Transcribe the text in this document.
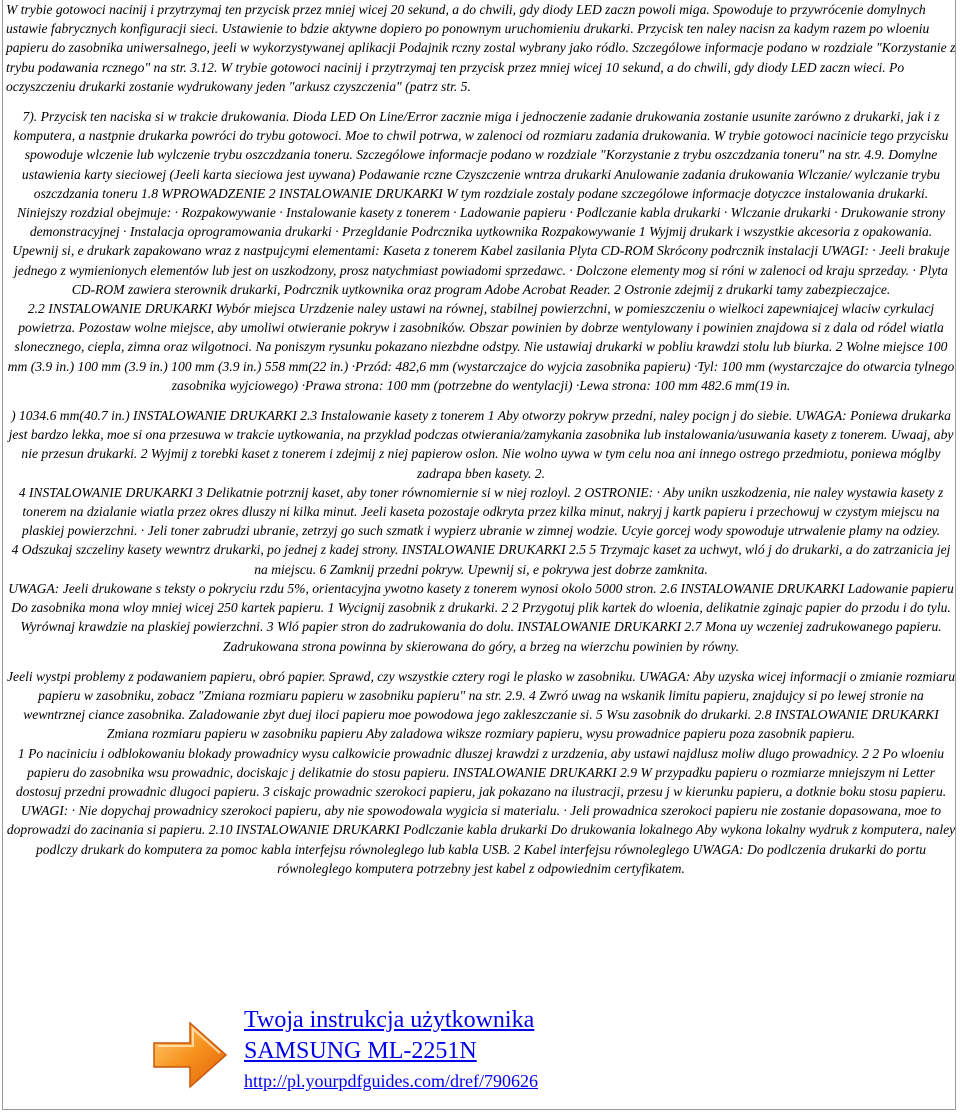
W trybie gotowoci nacinij i przytrzymaj ten przycisk przez mniej wicej 20 sekund, a do chwili, gdy diody LED zaczn powoli miga. Spowoduje to przywrócenie domylnych ustawie fabrycznych konfiguracji sieci. Ustawienie to bdzie aktywne dopiero po ponownym uruchomieniu drukarki. Przycisk ten naley nacisn za kadym razem po wloeniu papieru do zasobnika uniwersalnego, jeeli w wykorzystywanej aplikacji Podajnik rczny zostal wybrany jako ródlo. Szczególowe informacje podano w rozdziale "Korzystanie z trybu podawania rcznego" na str. 3.12. W trybie gotowoci nacinij i przytrzymaj ten przycisk przez mniej wicej 10 sekund, a do chwili, gdy diody LED zaczn wieci. Po oczyszczeniu drukarki zostanie wydrukowany jeden "arkusz czyszczenia" (patrz str. 5.

7). Przycisk ten naciska si w trakcie drukowania. Dioda LED On Line/Error zacznie miga i jednoczenie zadanie drukowania zostanie usunite zarówno z drukarki, jak i z komputera, a nastpnie drukarka powróci do trybu gotowoci. Moe to chwil potrwa, w zalenoci od rozmiaru zadania drukowania. W trybie gotowoci nacinicie tego przycisku spowoduje wlczenie lub wylczenie trybu oszczdzania toneru. Szczególowe informacje podano w rozdziale "Korzystanie z trybu oszczdzania toneru" na str. 4.9. Domylne ustawienia karty sieciowej (Jeeli karta sieciowa jest uywana) Podawanie rczne Czyszczenie wntrza drukarki Anulowanie zadania drukowania Wlczanie/ wylczanie trybu oszczdzania toneru 1.8 WPROWADZENIE 2 INSTALOWANIE DRUKARKI W tym rozdziale zostaly podane szczególowe informacje dotyczce instalowania drukarki.

Niniejszy rozdzial obejmuje: · Rozpakowywanie · Instalowanie kasety z tonerem · Ladowanie papieru · Podlczanie kabla drukarki · Wlczanie drukarki · Drukowanie strony demonstracyjnej · Instalacja oprogramowania drukarki · Przegldanie Podrcznika uytkownika Rozpakowywanie 1 Wyjmij drukark i wszystkie akcesoria z opakowania. Upewnij si, e drukark zapakowano wraz z nastpujcymi elementami: Kaseta z tonerem Kabel zasilania Plyta CD-ROM Skrócony podrcznik instalacji UWAGI: · Jeeli brakuje jednego z wymienionych elementów lub jest on uszkodzony, prosz natychmiast powiadomi sprzedawc. · Dolczone elementy mog si róni w zalenoci od kraju sprzeday. · Plyta CD-ROM zawiera sterownik drukarki, Podrcznik uytkownika oraz program Adobe Acrobat Reader. 2 Ostronie zdejmij z drukarki tamy zabezpieczajce.

2.2 INSTALOWANIE DRUKARKI Wybór miejsca Urzdzenie naley ustawi na równej, stabilnej powierzchni, w pomieszczeniu o wielkoci zapewniajcej wlaciw cyrkulacj powietrza. Pozostaw wolne miejsce, aby umoliwi otwieranie pokryw i zasobników. Obszar powinien by dobrze wentylowany i powinien znajdowa si z dala od ródel wiatla slonecznego, ciepla, zimna oraz wilgotnoci. Na poniszym rysunku pokazano niezbdne odstpy. Nie ustawiaj drukarki w pobliu krawdzi stolu lub biurka. 2 Wolne miejsce 100 mm (3.9 in.) 100 mm (3.9 in.) 100 mm (3.9 in.) 558 mm(22 in.) ·Przód: 482,6 mm (wystarczajce do wyjcia zasobnika papieru) ·Tyl: 100 mm (wystarczajce do otwarcia tylnego zasobnika wyjciowego) ·Prawa strona: 100 mm (potrzebne do wentylacji) ·Lewa strona: 100 mm 482.6 mm(19 in.

) 1034.6 mm(40.7 in.) INSTALOWANIE DRUKARKI 2.3 Instalowanie kasety z tonerem 1 Aby otworzy pokryw przedni, naley pocign j do siebie. UWAGA: Poniewa drukarka jest bardzo lekka, moe si ona przesuwa w trakcie uytkowania, na przyklad podczas otwierania/zamykania zasobnika lub instalowania/usuwania kasety z tonerem. Uwaaj, aby nie przesun drukarki. 2 Wyjmij z torebki kaset z tonerem i zdejmij z niej papierow oslon. Nie wolno uywa w tym celu noa ani innego ostrego przedmiotu, poniewa móglby zadrapa bben kasety. 2.

4 INSTALOWANIE DRUKARKI 3 Delikatnie potrznij kaset, aby toner równomiernie si w niej rozloyl. 2 OSTRONIE: · Aby unikn uszkodzenia, nie naley wystawia kasety z tonerem na dzialanie wiatla przez okres dluszy ni kilka minut. Jeeli kaseta pozostaje odkryta przez kilka minut, nakryj j kartk papieru i przechowuj w czystym miejscu na plaskiej powierzchni. · Jeli toner zabrudzi ubranie, zetrzyj go such szmatk i wypierz ubranie w zimnej wodzie. Ucyie gorcej wody spowoduje utrwalenie plamy na odziey.

4 Odszukaj szczeliny kasety wewntrz drukarki, po jednej z kadej strony. INSTALOWANIE DRUKARKI 2.5 5 Trzymajc kaset za uchwyt, wló j do drukarki, a do zatrzanicia jej na miejscu. 6 Zamknij przedni pokryw. Upewnij si, e pokrywa jest dobrze zamknita.

UWAGA: Jeeli drukowane s teksty o pokryciu rzdu 5%, orientacyjna ywotno kasety z tonerem wynosi okolo 5000 stron. 2.6 INSTALOWANIE DRUKARKI Ladowanie papieru Do zasobnika mona wloy mniej wicej 250 kartek papieru. 1 Wycignij zasobnik z drukarki. 2 2 Przygotuj plik kartek do wloenia, delikatnie zginajc papier do przodu i do tylu. Wyrównaj krawdzie na plaskiej powierzchni. 3 Wló papier stron do zadrukowania do dolu. INSTALOWANIE DRUKARKI 2.7 Mona uy wczeniej zadrukowanego papieru. Zadrukowana strona powinna by skierowana do góry, a brzeg na wierzchu powinien by równy.

Jeeli wystpi problemy z podawaniem papieru, obró papier. Sprawd, czy wszystkie cztery rogi le plasko w zasobniku. UWAGA: Aby uzyska wicej informacji o zmianie rozmiaru papieru w zasobniku, zobacz "Zmiana rozmiaru papieru w zasobniku papieru" na str. 2.9. 4 Zwró uwag na wskanik limitu papieru, znajdujcy si po lewej stronie na wewntrznej ciance zasobnika. Zaladowanie zbyt duej iloci papieru moe powodowa jego zakleszczanie si. 5 Wsu zasobnik do drukarki. 2.8 INSTALOWANIE DRUKARKI Zmiana rozmiaru papieru w zasobniku papieru Aby zaladowa wiksze rozmiary papieru, wysu prowadnice papieru poza zasobnik papieru.

1 Po naciniciu i odblokowaniu blokady prowadnicy wysu calkowicie prowadnic dluszej krawdzi z urzdzenia, aby ustawi najdlusz moliw dlugo prowadnicy. 2 2 Po wloeniu papieru do zasobnika wsu prowadnic, dociskajc j delikatnie do stosu papieru. INSTALOWANIE DRUKARKI 2.9 W przypadku papieru o rozmiarze mniejszym ni Letter dostosuj przedni prowadnic dlugoci papieru. 3 ciskajc prowadnic szerokoci papieru, jak pokazano na ilustracji, przesu j w kierunku papieru, a dotknie boku stosu papieru.

UWAGI: · Nie dopychaj prowadnicy szerokoci papieru, aby nie spowodowala wygicia si materialu. · Jeli prowadnica szerokoci papieru nie zostanie dopasowana, moe to doprowadzi do zacinania si papieru. 2.10 INSTALOWANIE DRUKARKI Podlczanie kabla drukarki Do drukowania lokalnego Aby wykona lokalny wydruk z komputera, naley podlczy drukark do komputera za pomoc kabla interfejsu równoleglego lub kabla USB. 2 Kabel interfejsu równoleglego UWAGA: Do podlczenia drukarki do portu równoleglego komputera potrzebny jest kabel z odpowiednim certyfikatem.

Twoja instrukcja użytkownika
SAMSUNG ML-2251N
http://pl.yourpdfguides.com/dref/790626
